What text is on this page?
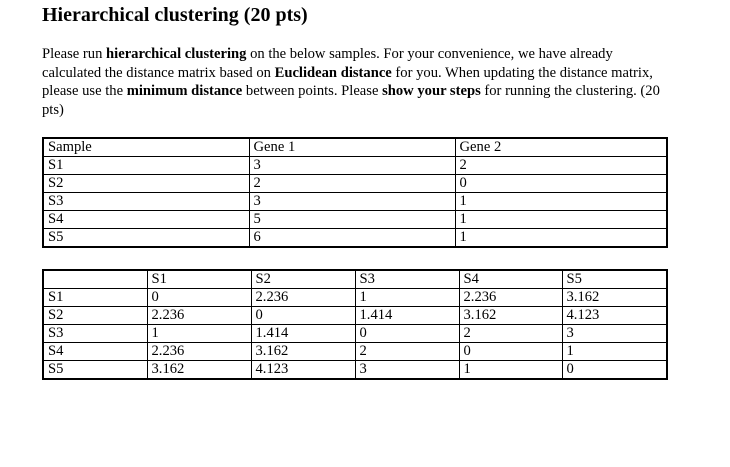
Hierarchical clustering (20 pts)

Please run hierarchical clustering on the below samples. For your convenience, we have already calculated the distance matrix based on Euclidean distance for you. When updating the distance matrix, please use the minimum distance between points. Please show your steps for running the clustering. (20 pts)

Sample	Gene 1	Gene 2
S1	3	2
S2	2	0
S3	3	1
S4	5	1
S5	6	1
	S1	S2	S3	S4	S5
S1	0	2.236	1	2.236	3.162
S2	2.236	0	1.414	3.162	4.123
S3	1	1.414	0	2	3
S4	2.236	3.162	2	0	1
S5	3.162	4.123	3	1	0
